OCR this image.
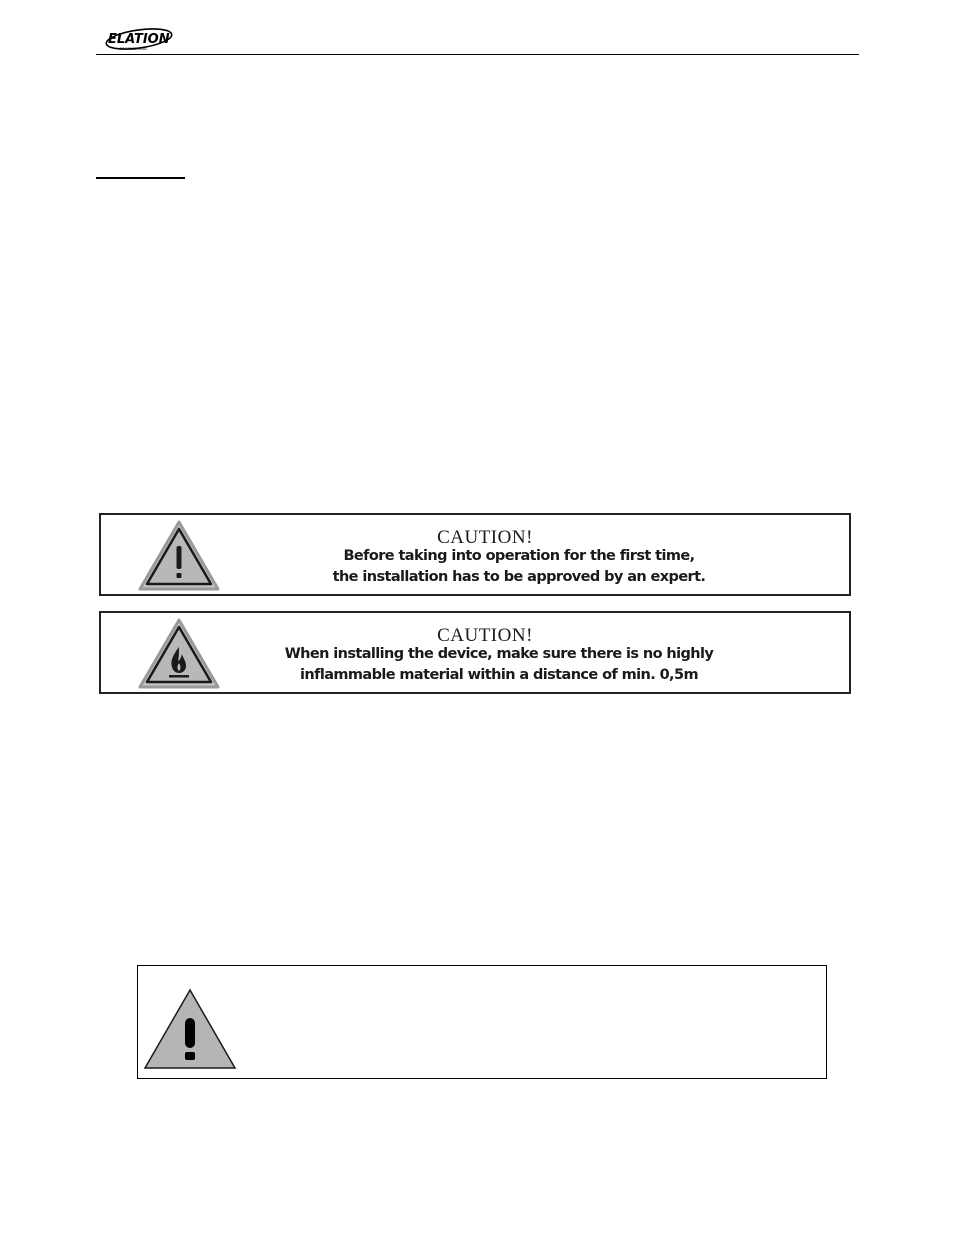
ELATION
PROFESSIONAL
CAUTION!
Before taking into operation for the first time,
the installation has to be approved by an expert.
CAUTION!
When installing the device, make sure there is no highly
inflammable material within a distance of min. 0,5m
